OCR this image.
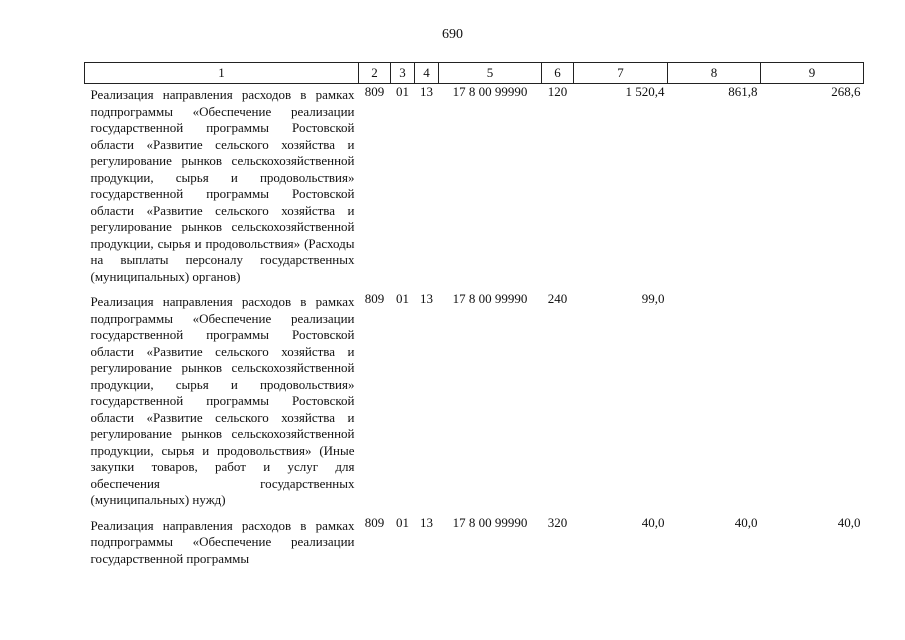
690
1	2	3	4	5	6	7	8	9
Реализация направления расходов в рамках подпрограммы «Обеспечение реализации государственной программы Ростовской области «Развитие сельского хозяйства и регулирование рынков сельскохозяйственной продукции, сырья и продовольствия» государственной программы Ростовской области «Развитие сельского хозяйства и регулирование рынков сельскохозяйственной продукции, сырья и продовольствия» (Расходы на выплаты персоналу государственных (муниципальных) органов)	809	01	13	17 8 00 99990	120	1 520,4	861,8	268,6
Реализация направления расходов в рамках подпрограммы «Обеспечение реализации государственной программы Ростовской области «Развитие сельского хозяйства и регулирование рынков сельскохозяйственной продукции, сырья и продовольствия» государственной программы Ростовской области «Развитие сельского хозяйства и регулирование рынков сельскохозяйственной продукции, сырья и продовольствия» (Иные закупки товаров, работ и услуг для обеспечения государственных (муниципальных) нужд)	809	01	13	17 8 00 99990	240	99,0		
Реализация направления расходов в рамках подпрограммы «Обеспечение реализации государственной программы	809	01	13	17 8 00 99990	320	40,0	40,0	40,0
